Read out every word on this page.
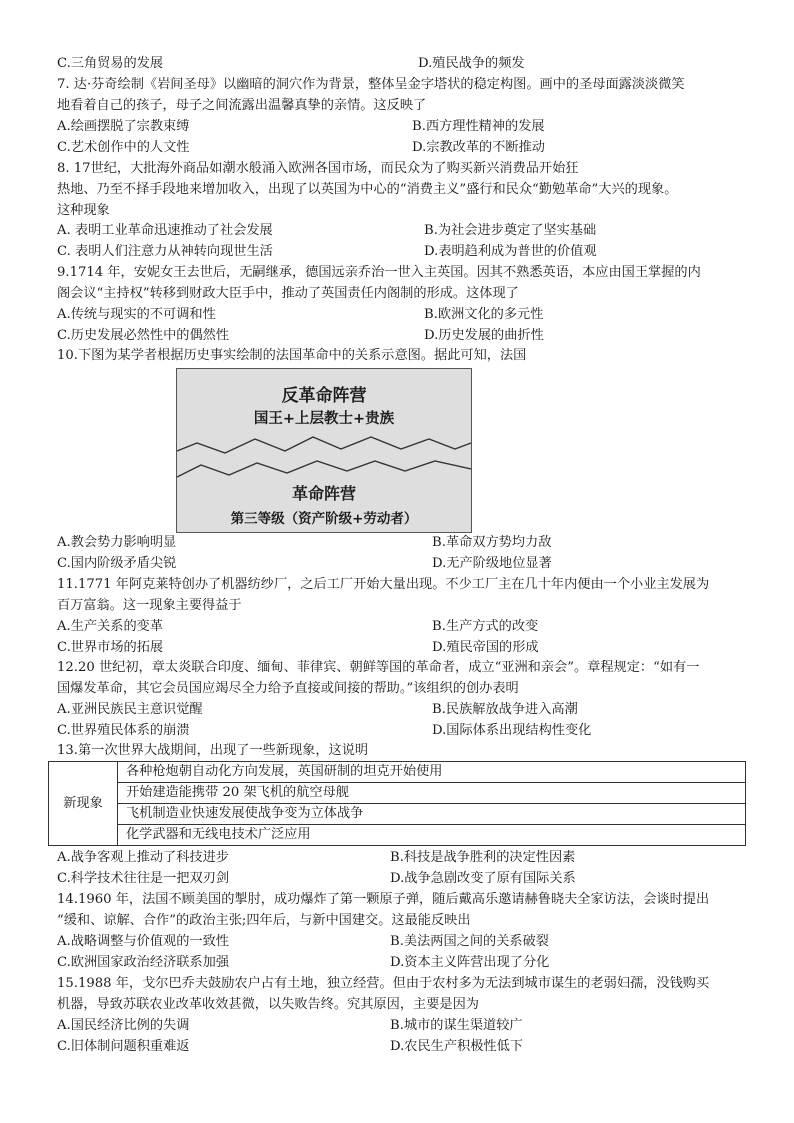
C.三角贸易的发展	D.殖民战争的频发
7. 达·芬奇绘制《岩间圣母》以幽暗的洞穴作为背景，整体呈金字塔状的稳定构图。画中的圣母面露淡淡微笑
地看着自己的孩子，母子之间流露出温馨真挚的亲情。这反映了
A.绘画摆脱了宗教束缚	B.西方理性精神的发展
C.艺术创作中的人文性	D.宗教改革的不断推动
8. 17世纪，大批海外商品如潮水般涌入欧洲各国市场，而民众为了购买新兴消费品开始狂
热地、乃至不择手段地来增加收入，出现了以英国为中心的“消费主义”盛行和民众“勤勉革命”大兴的现象。
这种现象
A. 表明工业革命迅速推动了社会发展	B.为社会进步奠定了坚实基础
C. 表明人们注意力从神转向现世生活	D.表明趋利成为普世的价值观
9.1714 年，安妮女王去世后，无嗣继承，德国远亲乔治一世入主英国。因其不熟悉英语，本应由国王掌握的内
阁会议“主持权”转移到财政大臣手中，推动了英国责任内阁制的形成。这体现了
A.传统与现实的不可调和性	B.欧洲文化的多元性
C.历史发展必然性中的偶然性	D.历史发展的曲折性
10.下图为某学者根据历史事实绘制的法国革命中的关系示意图。据此可知，法国
反革命阵营
国王+上层教士+贵族
革命阵营
第三等级（资产阶级+劳动者）
A.教会势力影响明显	B.革命双方势均力敌
C.国内阶级矛盾尖锐	D.无产阶级地位显著
11.1771 年阿克莱特创办了机器纺纱厂，之后工厂开始大量出现。不少工厂主在几十年内便由一个小业主发展为
百万富翁。这一现象主要得益于
A.生产关系的变革	B.生产方式的改变
C.世界市场的拓展	D.殖民帝国的形成
12.20 世纪初，章太炎联合印度、缅甸、菲律宾、朝鲜等国的革命者，成立“亚洲和亲会”。章程规定：“如有一
国爆发革命，其它会员国应竭尽全力给予直接或间接的帮助。”该组织的创办表明
A.亚洲民族民主意识觉醒	B.民族解放战争进入高潮
C.世界殖民体系的崩溃	D.国际体系出现结构性变化
13.第一次世界大战期间，出现了一些新现象，这说明
新现象	各种枪炮朝自动化方向发展，英国研制的坦克开始使用
开始建造能携带 20 架飞机的航空母舰
飞机制造业快速发展使战争变为立体战争
化学武器和无线电技术广泛应用
A.战争客观上推动了科技进步	B.科技是战争胜利的决定性因素
C.科学技术往往是一把双刃剑	D.战争急剧改变了原有国际关系
14.1960 年，法国不顾美国的掣肘，成功爆炸了第一颗原子弹，随后戴高乐邀请赫鲁晓夫全家访法，会谈时提出
“缓和、谅解、合作”的政治主张;四年后，与新中国建交。这最能反映出
A.战略调整与价值观的一致性	B.美法两国之间的关系破裂
C.欧洲国家政治经济联系加强	D.资本主义阵营出现了分化
15.1988 年，戈尔巴乔夫鼓励农户占有土地，独立经营。但由于农村多为无法到城市谋生的老弱妇孺，没钱购买
机器，导致苏联农业改革收效甚微，以失败告终。究其原因，主要是因为
A.国民经济比例的失调	B.城市的谋生渠道较广
C.旧体制问题积重难返	D.农民生产积极性低下
